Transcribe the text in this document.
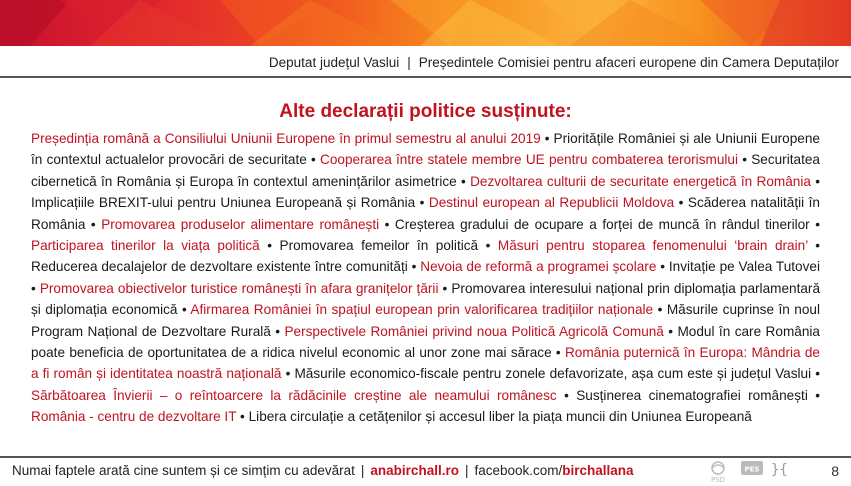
Deputat județul Vaslui | Președintele Comisiei pentru afaceri europene din Camera Deputaților
Alte declarații politice susținute:
Președinția română a Consiliului Uniunii Europene în primul semestru al anului 2019 • Prioritățile României și ale Uniunii Europene în contextul actualelor provocări de securitate • Cooperarea între statele membre UE pentru combaterea terorismului • Securitatea cibernetică în România și Europa în contextul amenințărilor asimetrice • Dezvoltarea culturii de securitate energetică în România • Implicațiile BREXIT-ului pentru Uniunea Europeană și România • Destinul european al Republicii Moldova • Scăderea natalității în România • Promovarea produselor alimentare românești • Creșterea gradului de ocupare a forței de muncă în rândul tinerilor • Participarea tinerilor la viața politică • Promovarea femeilor în politică • Măsuri pentru stoparea fenomenului ‘brain drain’ • Reducerea decalajelor de dezvoltare existente între comunități • Nevoia de reformă a programei școlare • Invitație pe Valea Tutovei • Promovarea obiectivelor turistice românești în afara granițelor țării • Promovarea interesului național prin diplomația parlamentară și diplomația economică • Afirmarea României în spațiul european prin valorificarea tradițiilor naționale • Măsurile cuprinse în noul Program Național de Dezvoltare Rurală • Perspectivele României privind noua Politică Agricolă Comună • Modul în care România poate beneficia de oportunitatea de a ridica nivelul economic al unor zone mai sărace • România puternică în Europa: Mândria de a fi român și identitatea noastră națională • Măsurile economico-fiscale pentru zonele defavorizate, așa cum este și județul Vaslui • Sărbătoarea Învierii – o reîntoarcere la rădăcinile creștine ale neamului românesc • Susținerea cinematografiei românești • România - centru de dezvoltare IT • Libera circulație a cetățenilor și accesul liber la piața muncii din Uniunea Europeană
Numai faptele arată cine suntem și ce simțim cu adevărat | anabirchall.ro | facebook.com/birchallana
PSD
PES }{	8
